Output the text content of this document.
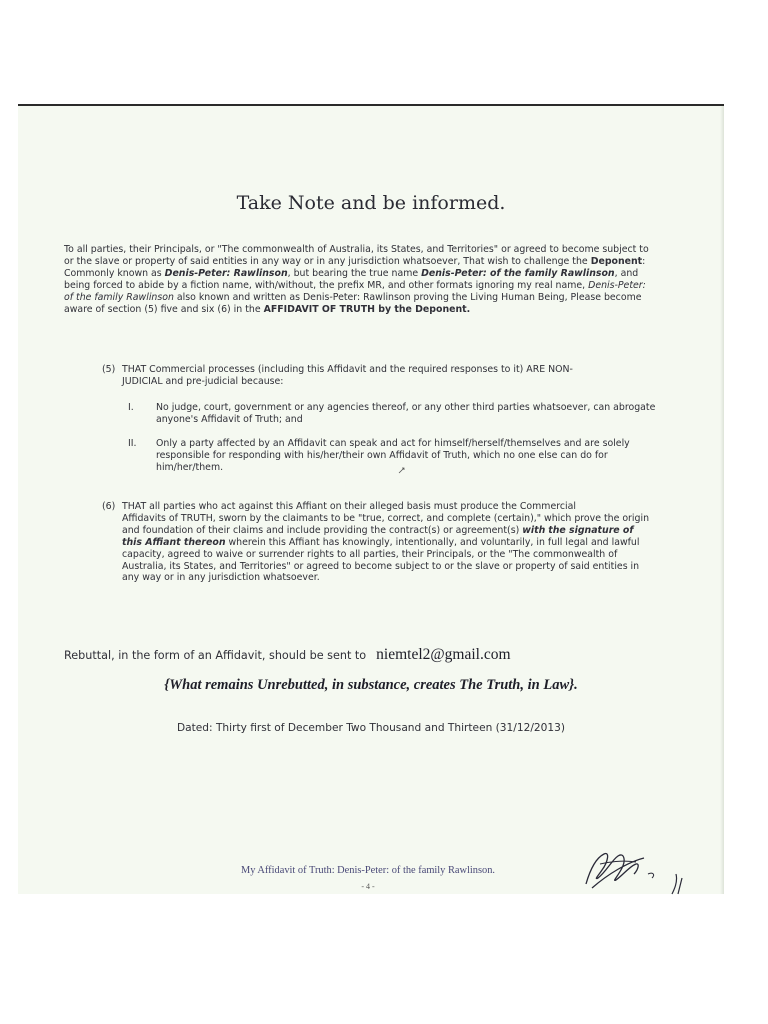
Take Note and be informed.
To all parties, their Principals, or "The commonwealth of Australia, its States, and Territories" or agreed to become subject to or the slave or property of said entities in any way or in any jurisdiction whatsoever, That wish to challenge the Deponent: Commonly known as Denis-Peter: Rawlinson, but bearing the true name Denis-Peter: of the family Rawlinson, and being forced to abide by a fiction name, with/without, the prefix MR, and other formats ignoring my real name, Denis-Peter: of the family Rawlinson also known and written as Denis-Peter: Rawlinson proving the Living Human Being, Please become aware of section (5) five and six (6) in the AFFIDAVIT OF TRUTH by the Deponent.
(5) THAT Commercial processes (including this Affidavit and the required responses to it) ARE NON-
JUDICIAL and pre-judicial because:
I. No judge, court, government or any agencies thereof, or any other third parties whatsoever, can abrogate anyone's Affidavit of Truth; and
II. Only a party affected by an Affidavit can speak and act for himself/herself/themselves and are solely responsible for responding with his/her/their own Affidavit of Truth, which no one else can do for him/her/them.
(6) THAT all parties who act against this Affiant on their alleged basis must produce the Commercial
Affidavits of TRUTH, sworn by the claimants to be "true, correct, and complete (certain)," which prove the origin and foundation of their claims and include providing the contract(s) or agreement(s) with the signature of this Affiant thereon wherein this Affiant has knowingly, intentionally, and voluntarily, in full legal and lawful capacity, agreed to waive or surrender rights to all parties, their Principals, or the "The commonwealth of Australia, its States, and Territories" or agreed to become subject to or the slave or property of said entities in any way or in any jurisdiction whatsoever.
Rebuttal, in the form of an Affidavit, should be sent to niemtel2@gmail.com
{What remains Unrebutted, in substance, creates The Truth, in Law}.
Dated: Thirty first of December Two Thousand and Thirteen (31/12/2013)
My Affidavit of Truth: Denis-Peter: of the family Rawlinson.
- 4 -
